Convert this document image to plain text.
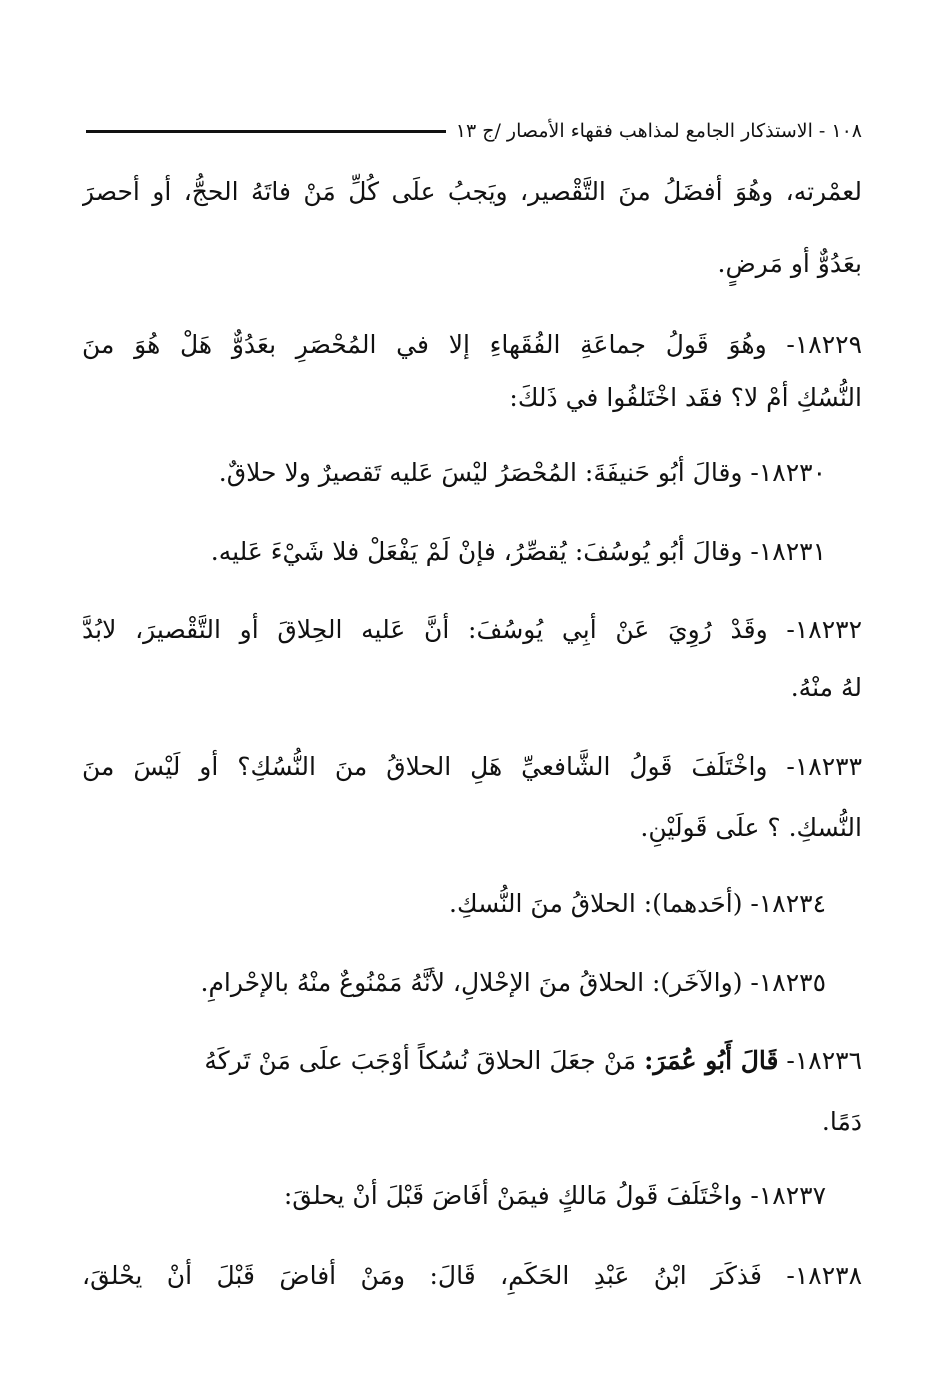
١٠٨ - الاستذكار الجامع لمذاهب فقهاء الأمصار /ج ١٣
لعمْرته، وهُوَ أفضَلُ منَ التَّقْصير، ويَجبُ علَى كُلِّ مَنْ فاتَهُ الحجُّ، أو أحصرَ
بعَدُوٌّ أو مَرضٍ.
١٨٢٢٩- وهُوَ قَولُ جماعَةِ الفُقَهاءِ إلا في المُحْصَرِ بعَدُوٌّ هَلْ هُوَ منَ
النُّسُكِ أمْ لا؟ فقَد اخْتَلفُوا في ذَلكَ:
١٨٢٣٠- وقالَ أبُو حَنيفَةَ: المُحْصَرُ ليْسَ عَليه تَقصيرٌ ولا حلاقٌ.
١٨٢٣١- وقالَ أبُو يُوسُفَ: يُقصِّرُ، فإنْ لَمْ يَفْعَلْ فلا شَيْءَ عَليه.
١٨٢٣٢- وقَدْ رُوِيَ عَنْ أبِي يُوسُفَ: أنَّ عَليه الحِلاقَ أو التَّقْصيرَ، لابُدَّ
لهُ منْهُ.
١٨٢٣٣- واخْتَلَفَ قَولُ الشَّافعيِّ هَلِ الحلاقُ منَ النُّسُكِ؟ أو لَيْسَ منَ
النُّسكِ. ؟ علَى قَولَيْنِ.
١٨٢٣٤- (أحَدهما): الحلاقُ منَ النُّسكِ.
١٨٢٣٥- (والآخَر): الحلاقُ منَ الإحْلالِ، لأنَّهُ مَمْنُوعٌ منْهُ بالإحْرامِ.
١٨٢٣٦- قَالَ أَبُو عُمَرَ: مَنْ جعَلَ الحلاقَ نُسُكاً أوْجَبَ علَى مَنْ تَركَهُ
دَمًا.
١٨٢٣٧- واخْتَلَفَ قَولُ مَالكٍ فيمَنْ أفَاضَ قَبْلَ أنْ يحلقَ:
١٨٢٣٨- فَذكَرَ ابْنُ عَبْدِ الحَكَمِ، قَالَ: ومَنْ أفاضَ قَبْلَ أنْ يحْلقَ،
